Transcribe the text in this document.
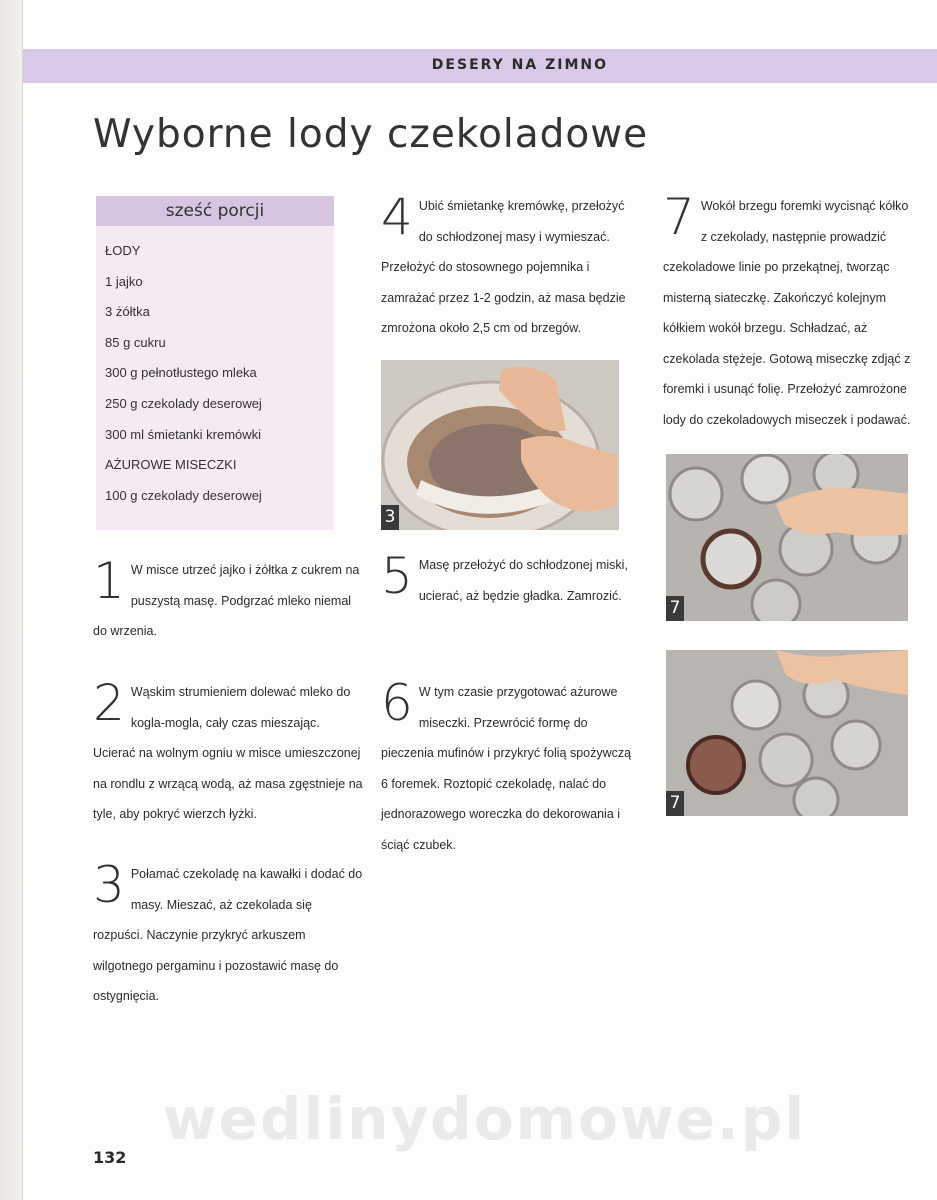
DESERY NA ZIMNO
Wyborne lody czekoladowe
sześć porcji
ŁODY
1 jajko
3 żółtka
85 g cukru
300 g pełnotłustego mleka
250 g czekolady deserowej
300 ml śmietanki kremówki
AŻUROWE MISECZKI
100 g czekolady deserowej
1 W misce utrzeć jajko i żółtka z cukrem na puszystą masę. Podgrzać mleko niemal do wrzenia.
2 Wąskim strumieniem dolewać mleko do kogla-mogla, cały czas mieszając. Ucierać na wolnym ogniu w misce umieszczonej na rondlu z wrzącą wodą, aż masa zgęstnieje na tyle, aby pokryć wierzch łyżki.
3 Połamać czekoladę na kawałki i dodać do masy. Mieszać, aż czekolada się rozpuści. Naczynie przykryć arkuszem wilgotnego pergaminu i pozostawić masę do ostygnięcia.
4 Ubić śmietankę kremówkę, przełożyć do schłodzonej masy i wymieszać. Przełożyć do stosownego pojemnika i zamrażać przez 1-2 godzin, aż masa będzie zmrożona około 2,5 cm od brzegów.
3
5 Masę przełożyć do schłodzonej miski, ucierać, aż będzie gładka. Zamrozić.
6 W tym czasie przygotować ażurowe miseczki. Przewrócić formę do pieczenia mufinów i przykryć folią spożywczą 6 foremek. Roztopić czekoladę, nalać do jednorazowego woreczka do dekorowania i ściąć czubek.
7 Wokół brzegu foremki wycisnąć kółko z czekolady, następnie prowadzić czekoladowe linie po przekątnej, tworząc misterną siateczkę. Zakończyć kolejnym kółkiem wokół brzegu. Schładzać, aż czekolada stężeje. Gotową miseczkę zdjąć z foremki i usunąć folię. Przełożyć zamrożone lody do czekoladowych miseczek i podawać.
7
7
wedlinydomowe.pl
132
